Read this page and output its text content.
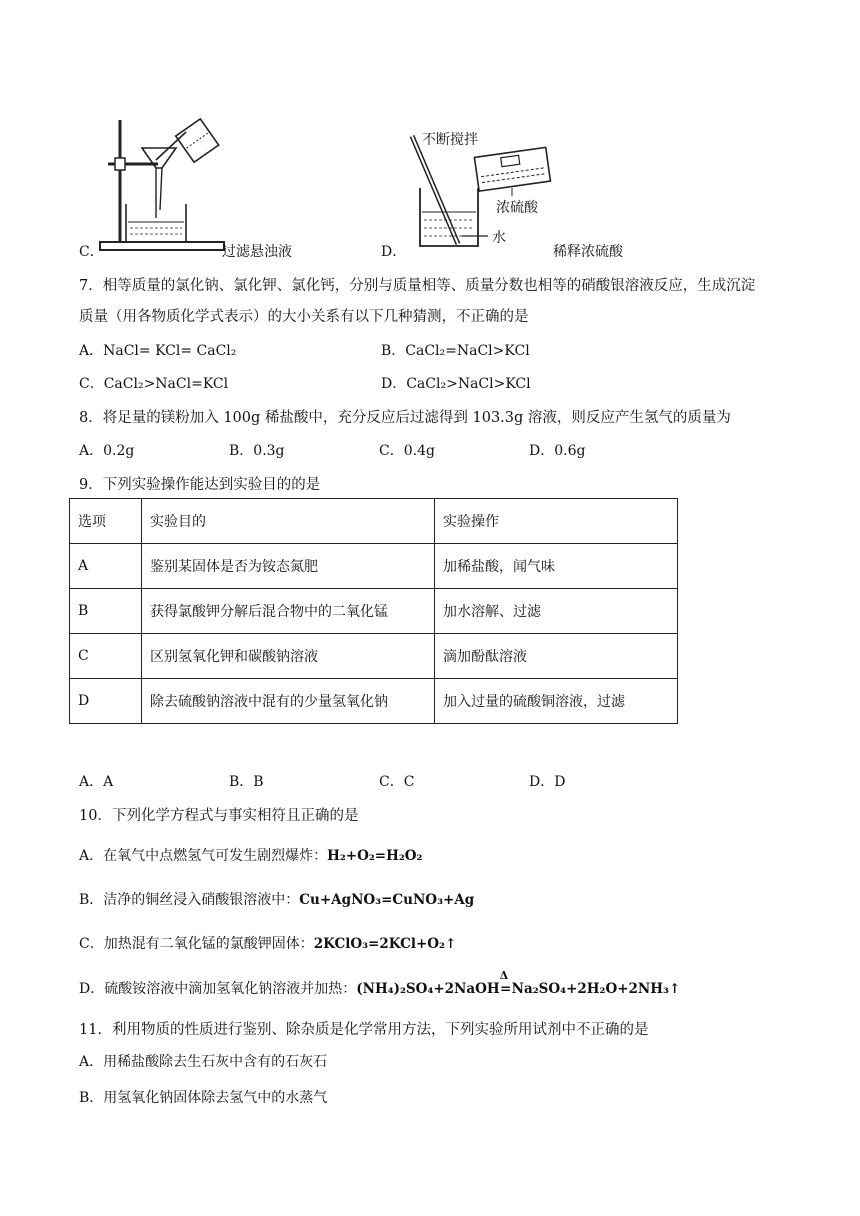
C．	过滤悬浊液
不断搅拌
浓硫酸
水
D．	稀释浓硫酸
7．相等质量的氯化钠、氯化钾、氯化钙，分别与质量相等、质量分数也相等的硝酸银溶液反应，生成沉淀
质量（用各物质化学式表示）的大小关系有以下几种猜测，不正确的是
A．NaCl= KCl= CaCl₂	B．CaCl₂=NaCl>KCl
C．CaCl₂>NaCl=KCl	D．CaCl₂>NaCl>KCl
8．将足量的镁粉加入 100g 稀盐酸中，充分反应后过滤得到 103.3g 溶液，则反应产生氢气的质量为
A．0.2g	B．0.3g	C．0.4g	D．0.6g
9．下列实验操作能达到实验目的的是
选项	实验目的	实验操作
A	鉴别某固体是否为铵态氮肥	加稀盐酸，闻气味
B	获得氯酸钾分解后混合物中的二氧化锰	加水溶解、过滤
C	区别氢氧化钾和碳酸钠溶液	滴加酚酞溶液
D	除去硫酸钠溶液中混有的少量氢氧化钠	加入过量的硫酸铜溶液，过滤
A．A	B．B	C．C	D．D
10．下列化学方程式与事实相符且正确的是
A．在氧气中点燃氢气可发生剧烈爆炸：H₂+O₂=H₂O₂
B．洁净的铜丝浸入硝酸银溶液中：Cu+AgNO₃=CuNO₃+Ag
C．加热混有二氧化锰的氯酸钾固体：2KClO₃=2KCl+O₂↑
D．硫酸铵溶液中滴加氢氧化钠溶液并加热：(NH₄)₂SO₄+2NaOH
Δ
=Na₂SO₄+2H₂O+2NH₃↑
11．利用物质的性质进行鉴别、除杂质是化学常用方法，下列实验所用试剂中不正确的是
A．用稀盐酸除去生石灰中含有的石灰石
B．用氢氧化钠固体除去氢气中的水蒸气
